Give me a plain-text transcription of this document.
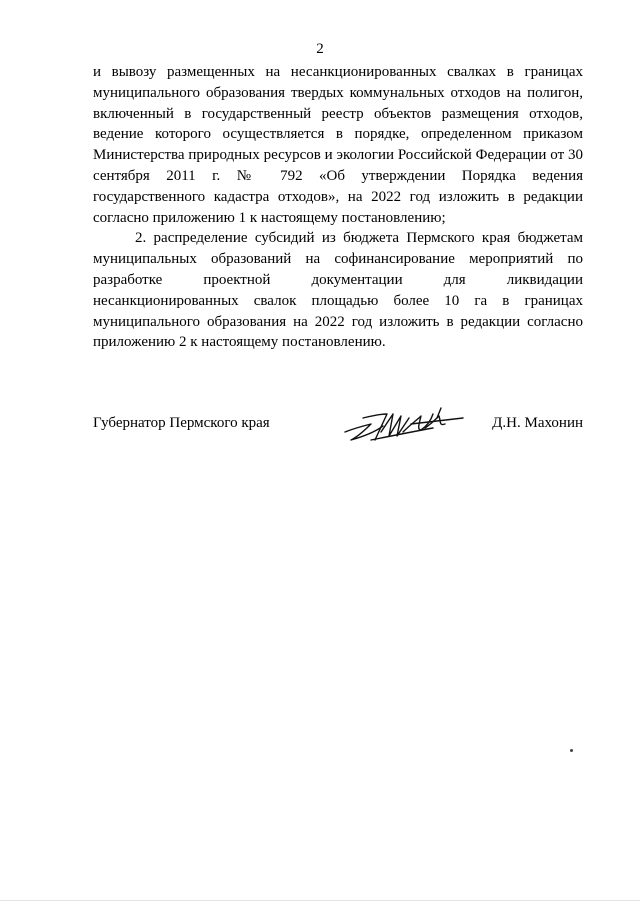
2

и вывозу размещенных на несанкционированных свалках в границах муниципального образования твердых коммунальных отходов на полигон, включенный в государственный реестр объектов размещения отходов, ведение которого осуществляется в порядке, определенном приказом Министерства природных ресурсов и экологии Российской Федерации от 30 сентября 2011 г. № 792 «Об утверждении Порядка ведения государственного кадастра отходов», на 2022 год изложить в редакции согласно приложению 1 к настоящему постановлению;

2. распределение субсидий из бюджета Пермского края бюджетам муниципальных образований на софинансирование мероприятий по разработке проектной документации для ликвидации несанкционированных свалок площадью более 10 га в границах муниципального образования на 2022 год изложить в редакции согласно приложению 2 к настоящему постановлению.

Губернатор Пермского края	Д.Н. Махонин
